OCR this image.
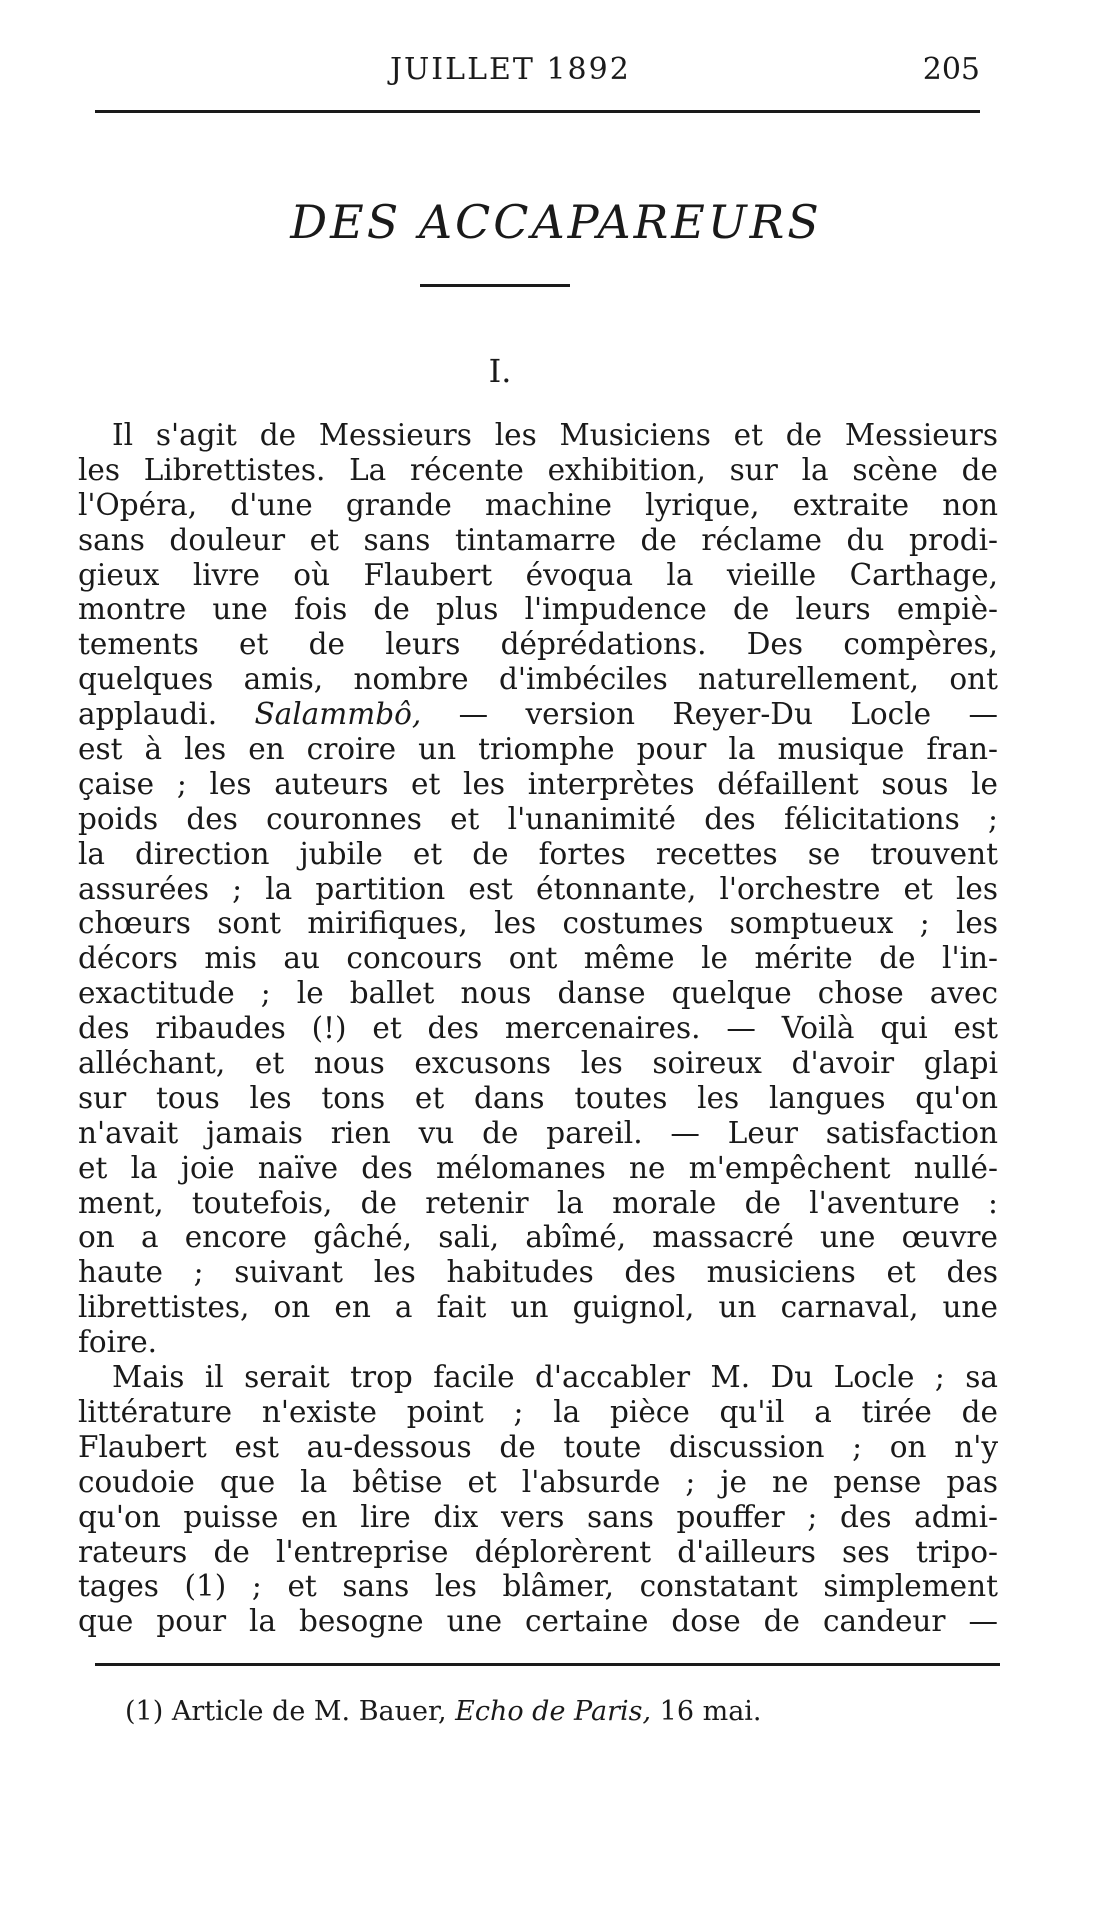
JUILLET 1892	205
DES ACCAPAREURS
I.
Il s'agit de Messieurs les Musiciens et de Messieurs
les Librettistes. La récente exhibition, sur la scène de
l'Opéra, d'une grande machine lyrique, extraite non
sans douleur et sans tintamarre de réclame du prodi-
gieux livre où Flaubert évoqua la vieille Carthage,
montre une fois de plus l'impudence de leurs empiè-
tements et de leurs déprédations. Des compères,
quelques amis, nombre d'imbéciles naturellement, ont
applaudi. Salammbô, — version Reyer-Du Locle —
est à les en croire un triomphe pour la musique fran-
çaise ; les auteurs et les interprètes défaillent sous le
poids des couronnes et l'unanimité des félicitations ;
la direction jubile et de fortes recettes se trouvent
assurées ; la partition est étonnante, l'orchestre et les
chœurs sont mirifiques, les costumes somptueux ; les
décors mis au concours ont même le mérite de l'in-
exactitude ; le ballet nous danse quelque chose avec
des ribaudes (!) et des mercenaires. — Voilà qui est
alléchant, et nous excusons les soireux d'avoir glapi
sur tous les tons et dans toutes les langues qu'on
n'avait jamais rien vu de pareil. — Leur satisfaction
et la joie naïve des mélomanes ne m'empêchent nullé-
ment, toutefois, de retenir la morale de l'aventure :
on a encore gâché, sali, abîmé, massacré une œuvre
haute ; suivant les habitudes des musiciens et des
librettistes, on en a fait un guignol, un carnaval, une
foire.
Mais il serait trop facile d'accabler M. Du Locle ; sa
littérature n'existe point ; la pièce qu'il a tirée de
Flaubert est au-dessous de toute discussion ; on n'y
coudoie que la bêtise et l'absurde ; je ne pense pas
qu'on puisse en lire dix vers sans pouffer ; des admi-
rateurs de l'entreprise déplorèrent d'ailleurs ses tripo-
tages (1) ; et sans les blâmer, constatant simplement
que pour la besogne une certaine dose de candeur —
(1) Article de M. Bauer, Echo de Paris, 16 mai.
